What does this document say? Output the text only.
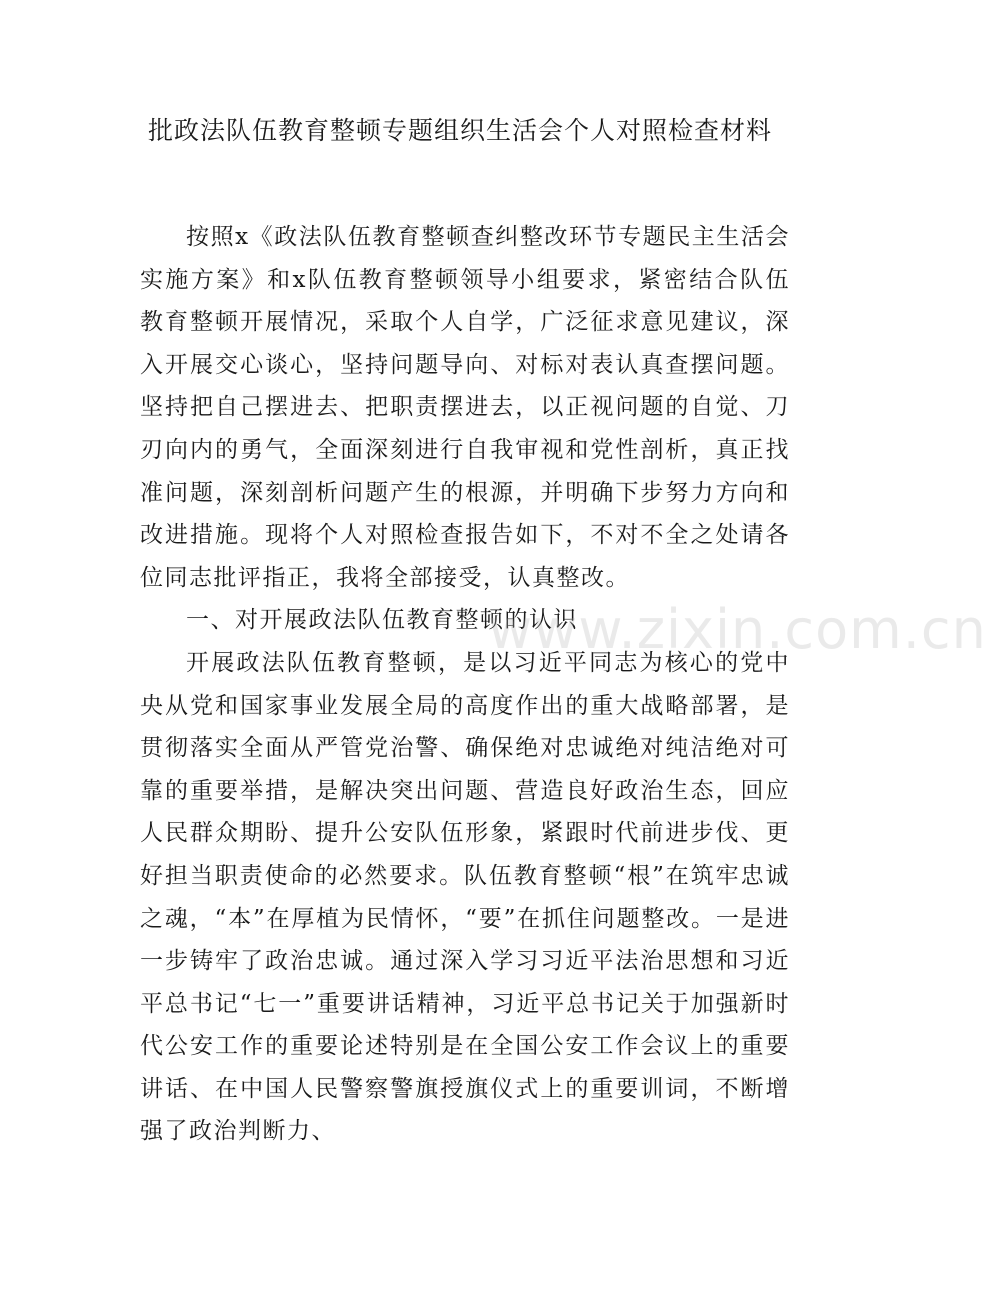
批政法队伍教育整顿专题组织生活会个人对照检查材料

按照x《政法队伍教育整顿查纠整改环节专题民主生活会实施方案》和x队伍教育整顿领导小组要求，紧密结合队伍教育整顿开展情况，采取个人自学，广泛征求意见建议，深入开展交心谈心，坚持问题导向、对标对表认真查摆问题。坚持把自己摆进去、把职责摆进去，以正视问题的自觉、刀刃向内的勇气，全面深刻进行自我审视和党性剖析，真正找准问题，深刻剖析问题产生的根源，并明确下步努力方向和改进措施。现将个人对照检查报告如下，不对不全之处请各位同志批评指正，我将全部接受，认真整改。

一、对开展政法队伍教育整顿的认识

开展政法队伍教育整顿，是以习近平同志为核心的党中央从党和国家事业发展全局的高度作出的重大战略部署，是贯彻落实全面从严管党治警、确保绝对忠诚绝对纯洁绝对可靠的重要举措，是解决突出问题、营造良好政治生态，回应人民群众期盼、提升公安队伍形象，紧跟时代前进步伐、更好担当职责使命的必然要求。队伍教育整顿“根”在筑牢忠诚之魂，“本”在厚植为民情怀，“要”在抓住问题整改。一是进一步铸牢了政治忠诚。通过深入学习习近平法治思想和习近平总书记“七一”重要讲话精神，习近平总书记关于加强新时代公安工作的重要论述特别是在全国公安工作会议上的重要讲话、在中国人民警察警旗授旗仪式上的重要训词，不断增强了政治判断力、

www.zixin.com.cn
